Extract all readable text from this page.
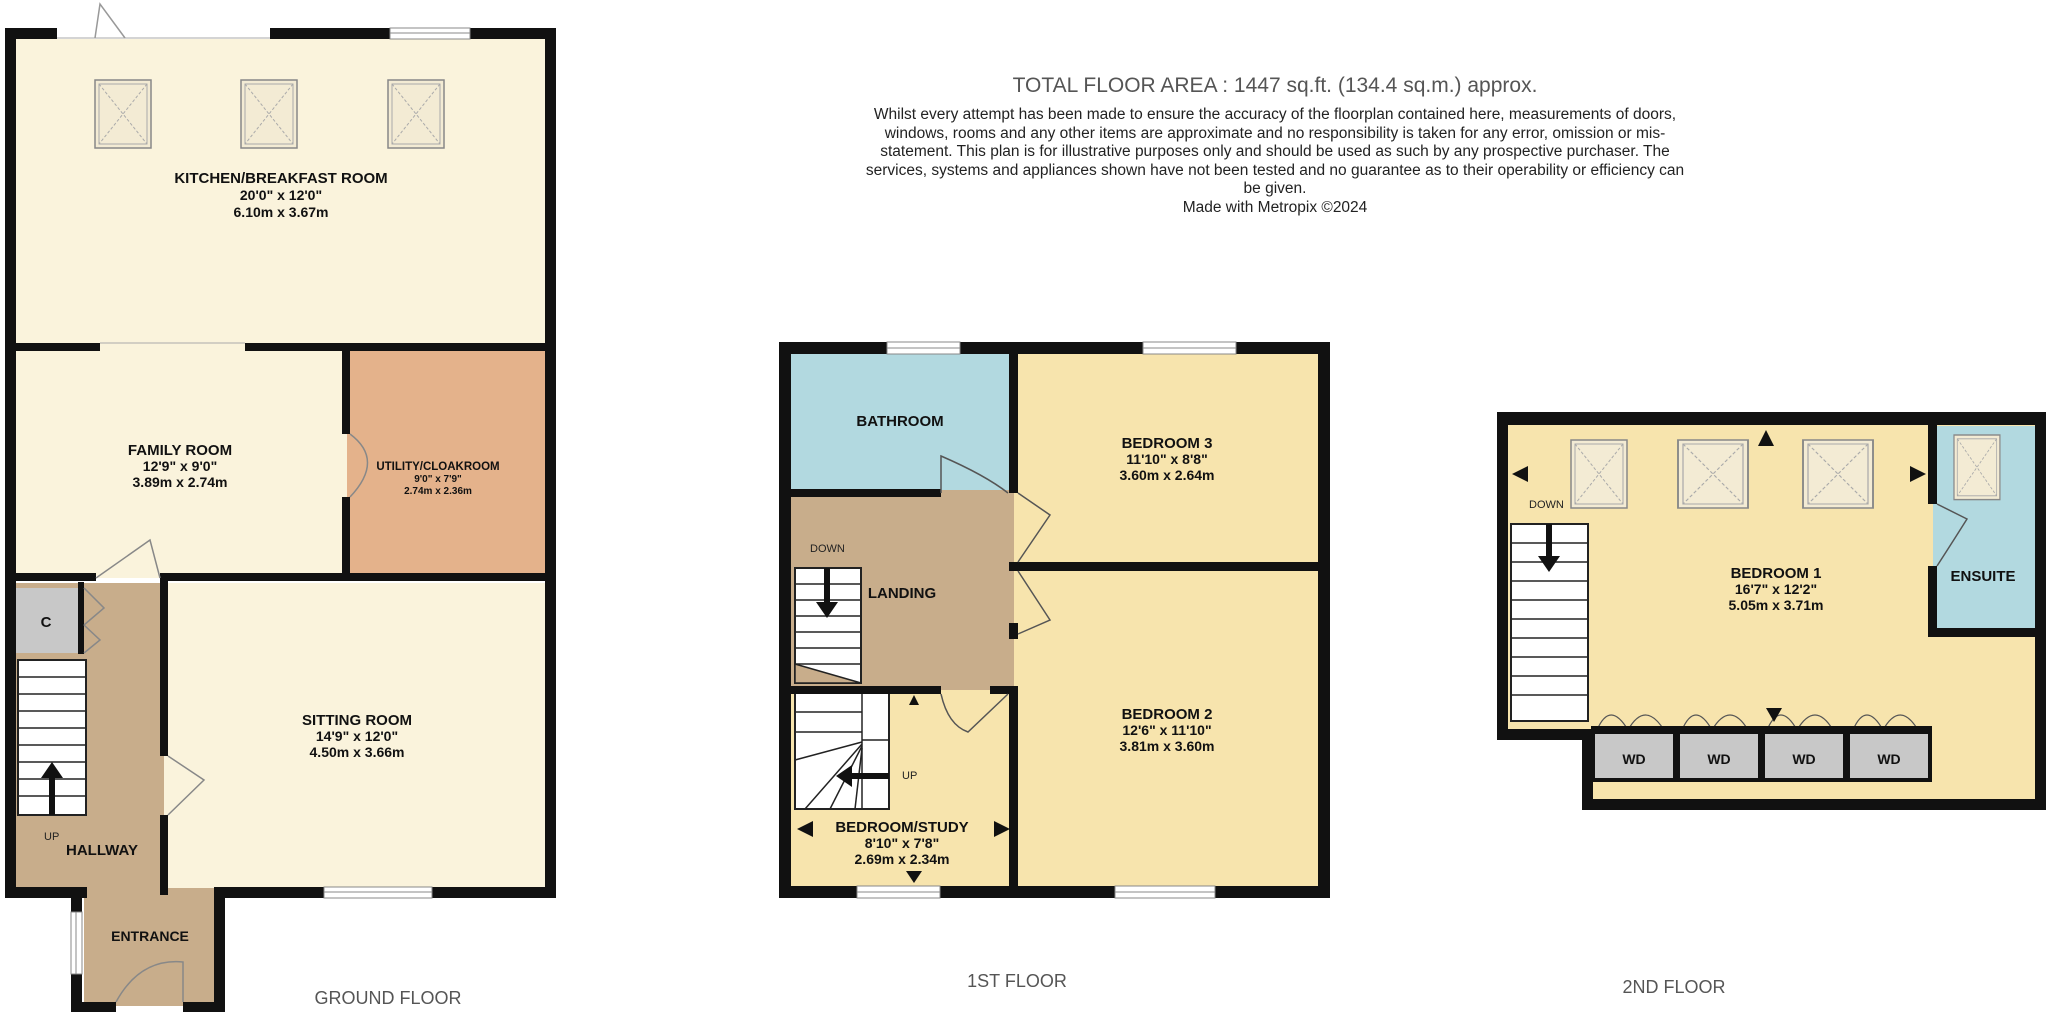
KITCHEN/BREAKFAST ROOM
20'0" x 12'0"
6.10m x 3.67m
FAMILY ROOM
12'9" x 9'0"
3.89m x 2.74m
UTILITY/CLOAKROOM
9'0" x 7'9"
2.74m x 2.36m
SITTING ROOM
14'9" x 12'0"
4.50m x 3.66m
C
UP
HALLWAY
ENTRANCE
GROUND FLOOR
BATHROOM
BEDROOM 3
11'10" x 8'8"
3.60m x 2.64m
DOWN
LANDING
UP
BEDROOM 2
12'6" x 11'10"
3.81m x 3.60m
BEDROOM/STUDY
8'10" x 7'8"
2.69m x 2.34m
1ST FLOOR
DOWN
BEDROOM 1
16'7" x 12'2"
5.05m x 3.71m
ENSUITE
WD	WD	WD	WD
2ND FLOOR
TOTAL FLOOR AREA : 1447 sq.ft. (134.4 sq.m.) approx.
Whilst every attempt has been made to ensure the accuracy of the floorplan contained here, measurements of doors, windows, rooms and any other items are approximate and no responsibility is taken for any error, omission or mis-statement. This plan is for illustrative purposes only and should be used as such by any prospective purchaser. The services, systems and appliances shown have not been tested and no guarantee as to their operability or efficiency can be given.
Made with Metropix ©2024
